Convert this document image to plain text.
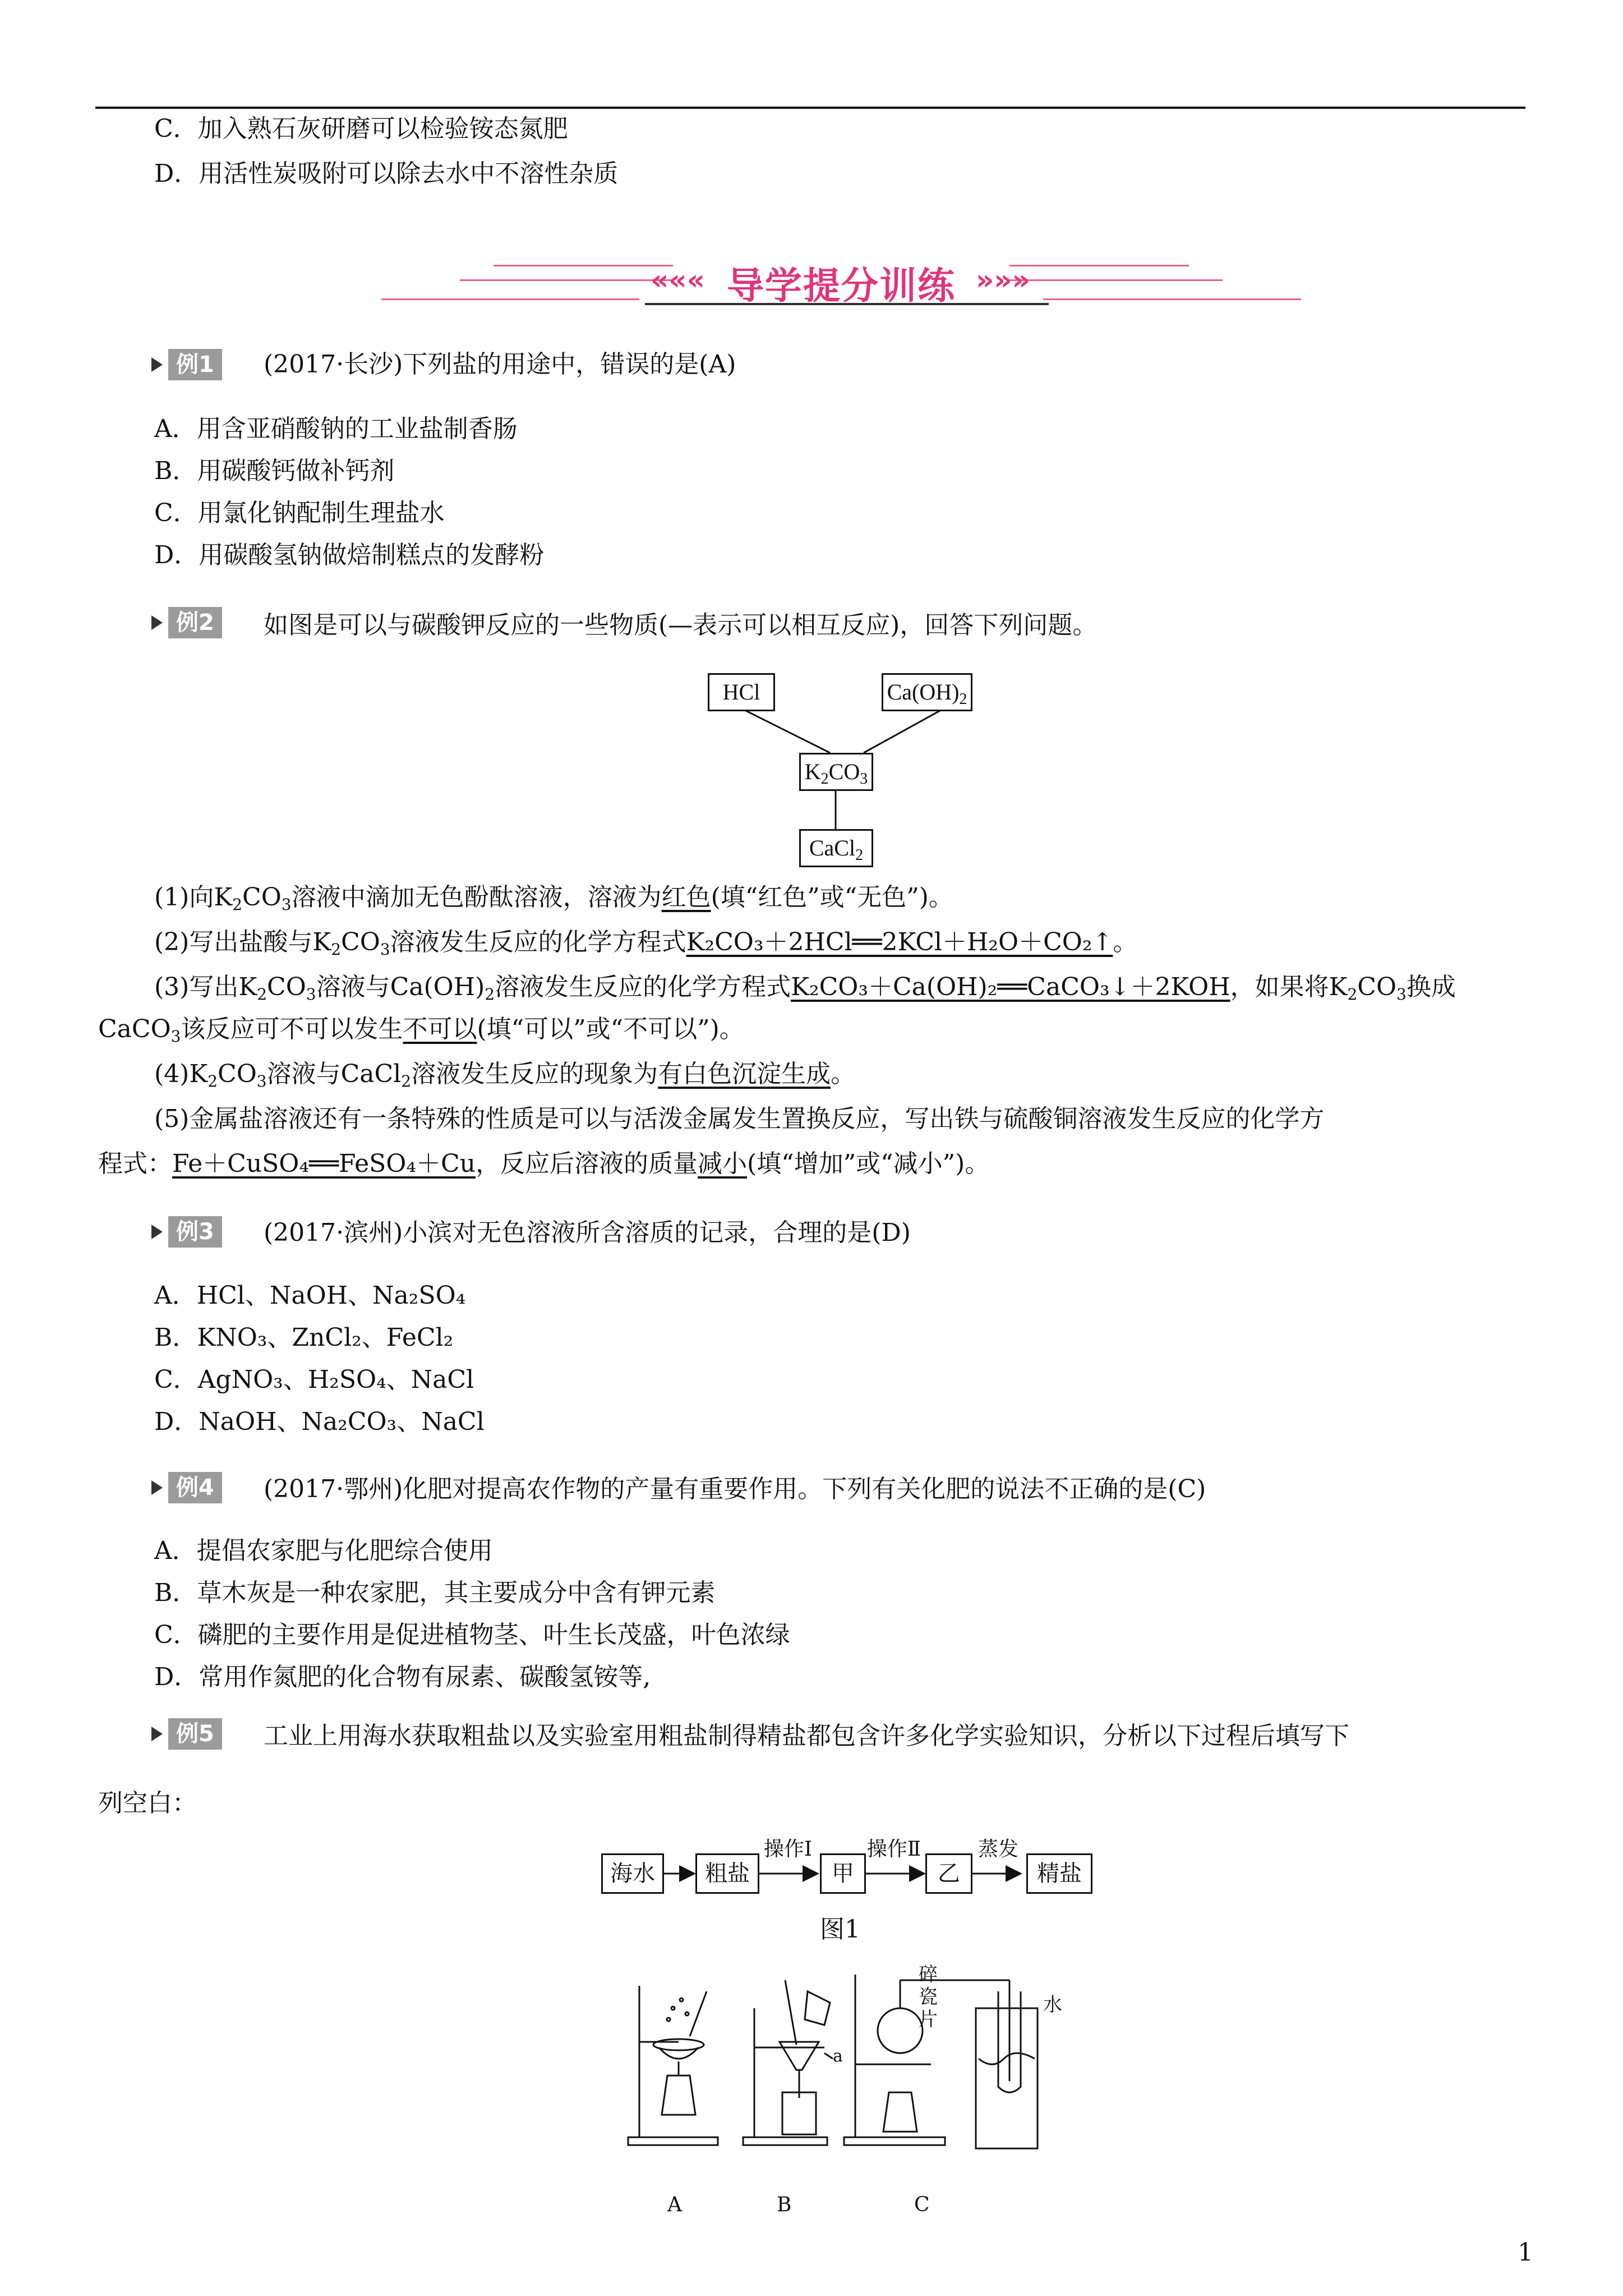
C．加入熟石灰研磨可以检验铵态氮肥
D．用活性炭吸附可以除去水中不溶性杂质
««« 导学提分训练 »»»
例1	(2017·长沙)下列盐的用途中，错误的是(A)
A．用含亚硝酸钠的工业盐制香肠
B．用碳酸钙做补钙剂
C．用氯化钠配制生理盐水
D．用碳酸氢钠做焙制糕点的发酵粉
例2	如图是可以与碳酸钾反应的一些物质(—表示可以相互反应)，回答下列问题。
HCl	$Ca(OH)_2$
$K_2CO_3$
CaCl$_2$
(1)向$K_2CO_3$溶液中滴加无色酚酞溶液，溶液为红色(填“红色”或“无色”)。
(2)写出盐酸与$K_2CO_3$溶液发生反应的化学方程式K₂CO₃＋2HCl══2KCl＋H₂O＋CO₂↑。
(3)写出$K_2CO_3$溶液与$Ca(OH)_2$溶液发生反应的化学方程式K₂CO₃＋Ca(OH)₂══CaCO₃↓＋2KOH，如果将$K_2CO_3$换成
CaCO$_3$该反应可不可以发生不可以(填“可以”或“不可以”)。
$(4)K_2CO_3$溶液与CaCl$_2$溶液发生反应的现象为有白色沉淀生成。
(5)金属盐溶液还有一条特殊的性质是可以与活泼金属发生置换反应，写出铁与硫酸铜溶液发生反应的化学方
程式：Fe＋CuSO₄══FeSO₄＋Cu，反应后溶液的质量减小(填“增加”或“减小”)。
例3	(2017·滨州)小滨对无色溶液所含溶质的记录，合理的是(D)
A．HCl、NaOH、Na₂SO₄
B．KNO₃、ZnCl₂、FeCl₂
C．AgNO₃、H₂SO₄、NaCl
D．NaOH、Na₂CO₃、NaCl
例4	(2017·鄂州)化肥对提高农作物的产量有重要作用。下列有关化肥的说法不正确的是(C)
A．提倡农家肥与化肥综合使用
B．草木灰是一种农家肥，其主要成分中含有钾元素
C．磷肥的主要作用是促进植物茎、叶生长茂盛，叶色浓绿
D．常用作氮肥的化合物有尿素、碳酸氢铵等,
例5	工业上用海水获取粗盐以及实验室用粗盐制得精盐都包含许多化学实验知识，分析以下过程后填写下
列空白：
海水	粗盐
操作Ⅰ
甲
操作Ⅱ
乙
蒸发
精盐
图1
水
a
碎瓷片
A	B	C
1
